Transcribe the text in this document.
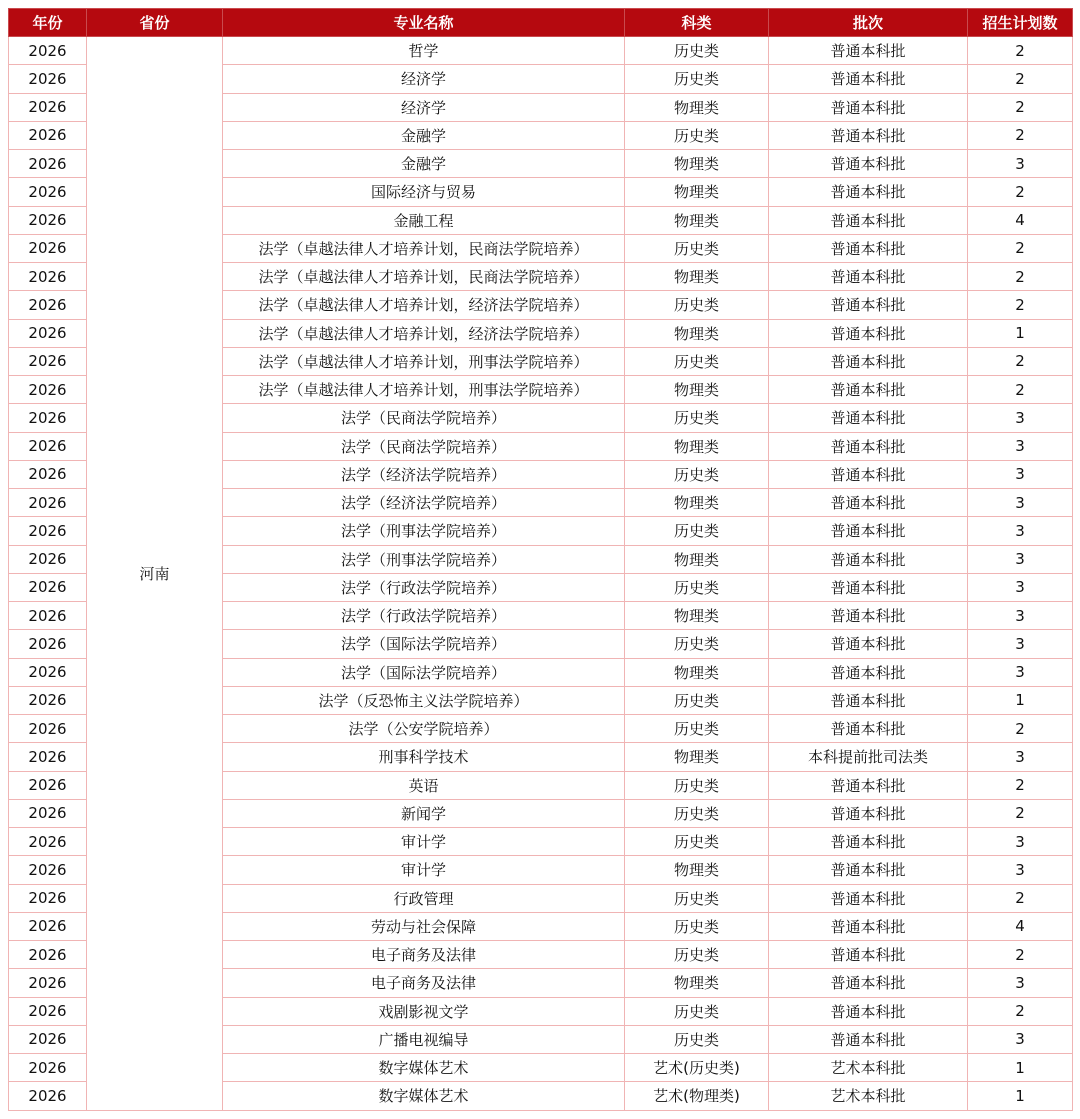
年份	省份	专业名称	科类	批次	招生计划数
2026	河南	哲学	历史类	普通本科批	2
2026		经济学	历史类	普通本科批	2
2026		经济学	物理类	普通本科批	2
2026		金融学	历史类	普通本科批	2
2026		金融学	物理类	普通本科批	3
2026		国际经济与贸易	物理类	普通本科批	2
2026		金融工程	物理类	普通本科批	4
2026		法学（卓越法律人才培养计划，民商法学院培养）	历史类	普通本科批	2
2026		法学（卓越法律人才培养计划，民商法学院培养）	物理类	普通本科批	2
2026		法学（卓越法律人才培养计划，经济法学院培养）	历史类	普通本科批	2
2026		法学（卓越法律人才培养计划，经济法学院培养）	物理类	普通本科批	1
2026		法学（卓越法律人才培养计划，刑事法学院培养）	历史类	普通本科批	2
2026		法学（卓越法律人才培养计划，刑事法学院培养）	物理类	普通本科批	2
2026		法学（民商法学院培养）	历史类	普通本科批	3
2026		法学（民商法学院培养）	物理类	普通本科批	3
2026		法学（经济法学院培养）	历史类	普通本科批	3
2026		法学（经济法学院培养）	物理类	普通本科批	3
2026		法学（刑事法学院培养）	历史类	普通本科批	3
2026		法学（刑事法学院培养）	物理类	普通本科批	3
2026		法学（行政法学院培养）	历史类	普通本科批	3
2026		法学（行政法学院培养）	物理类	普通本科批	3
2026		法学（国际法学院培养）	历史类	普通本科批	3
2026		法学（国际法学院培养）	物理类	普通本科批	3
2026		法学（反恐怖主义法学院培养）	历史类	普通本科批	1
2026		法学（公安学院培养）	历史类	普通本科批	2
2026		刑事科学技术	物理类	本科提前批司法类	3
2026		英语	历史类	普通本科批	2
2026		新闻学	历史类	普通本科批	2
2026		审计学	历史类	普通本科批	3
2026		审计学	物理类	普通本科批	3
2026		行政管理	历史类	普通本科批	2
2026		劳动与社会保障	历史类	普通本科批	4
2026		电子商务及法律	历史类	普通本科批	2
2026		电子商务及法律	物理类	普通本科批	3
2026		戏剧影视文学	历史类	普通本科批	2
2026		广播电视编导	历史类	普通本科批	3
2026		数字媒体艺术	艺术(历史类)	艺术本科批	1
2026		数字媒体艺术	艺术(物理类)	艺术本科批	1
